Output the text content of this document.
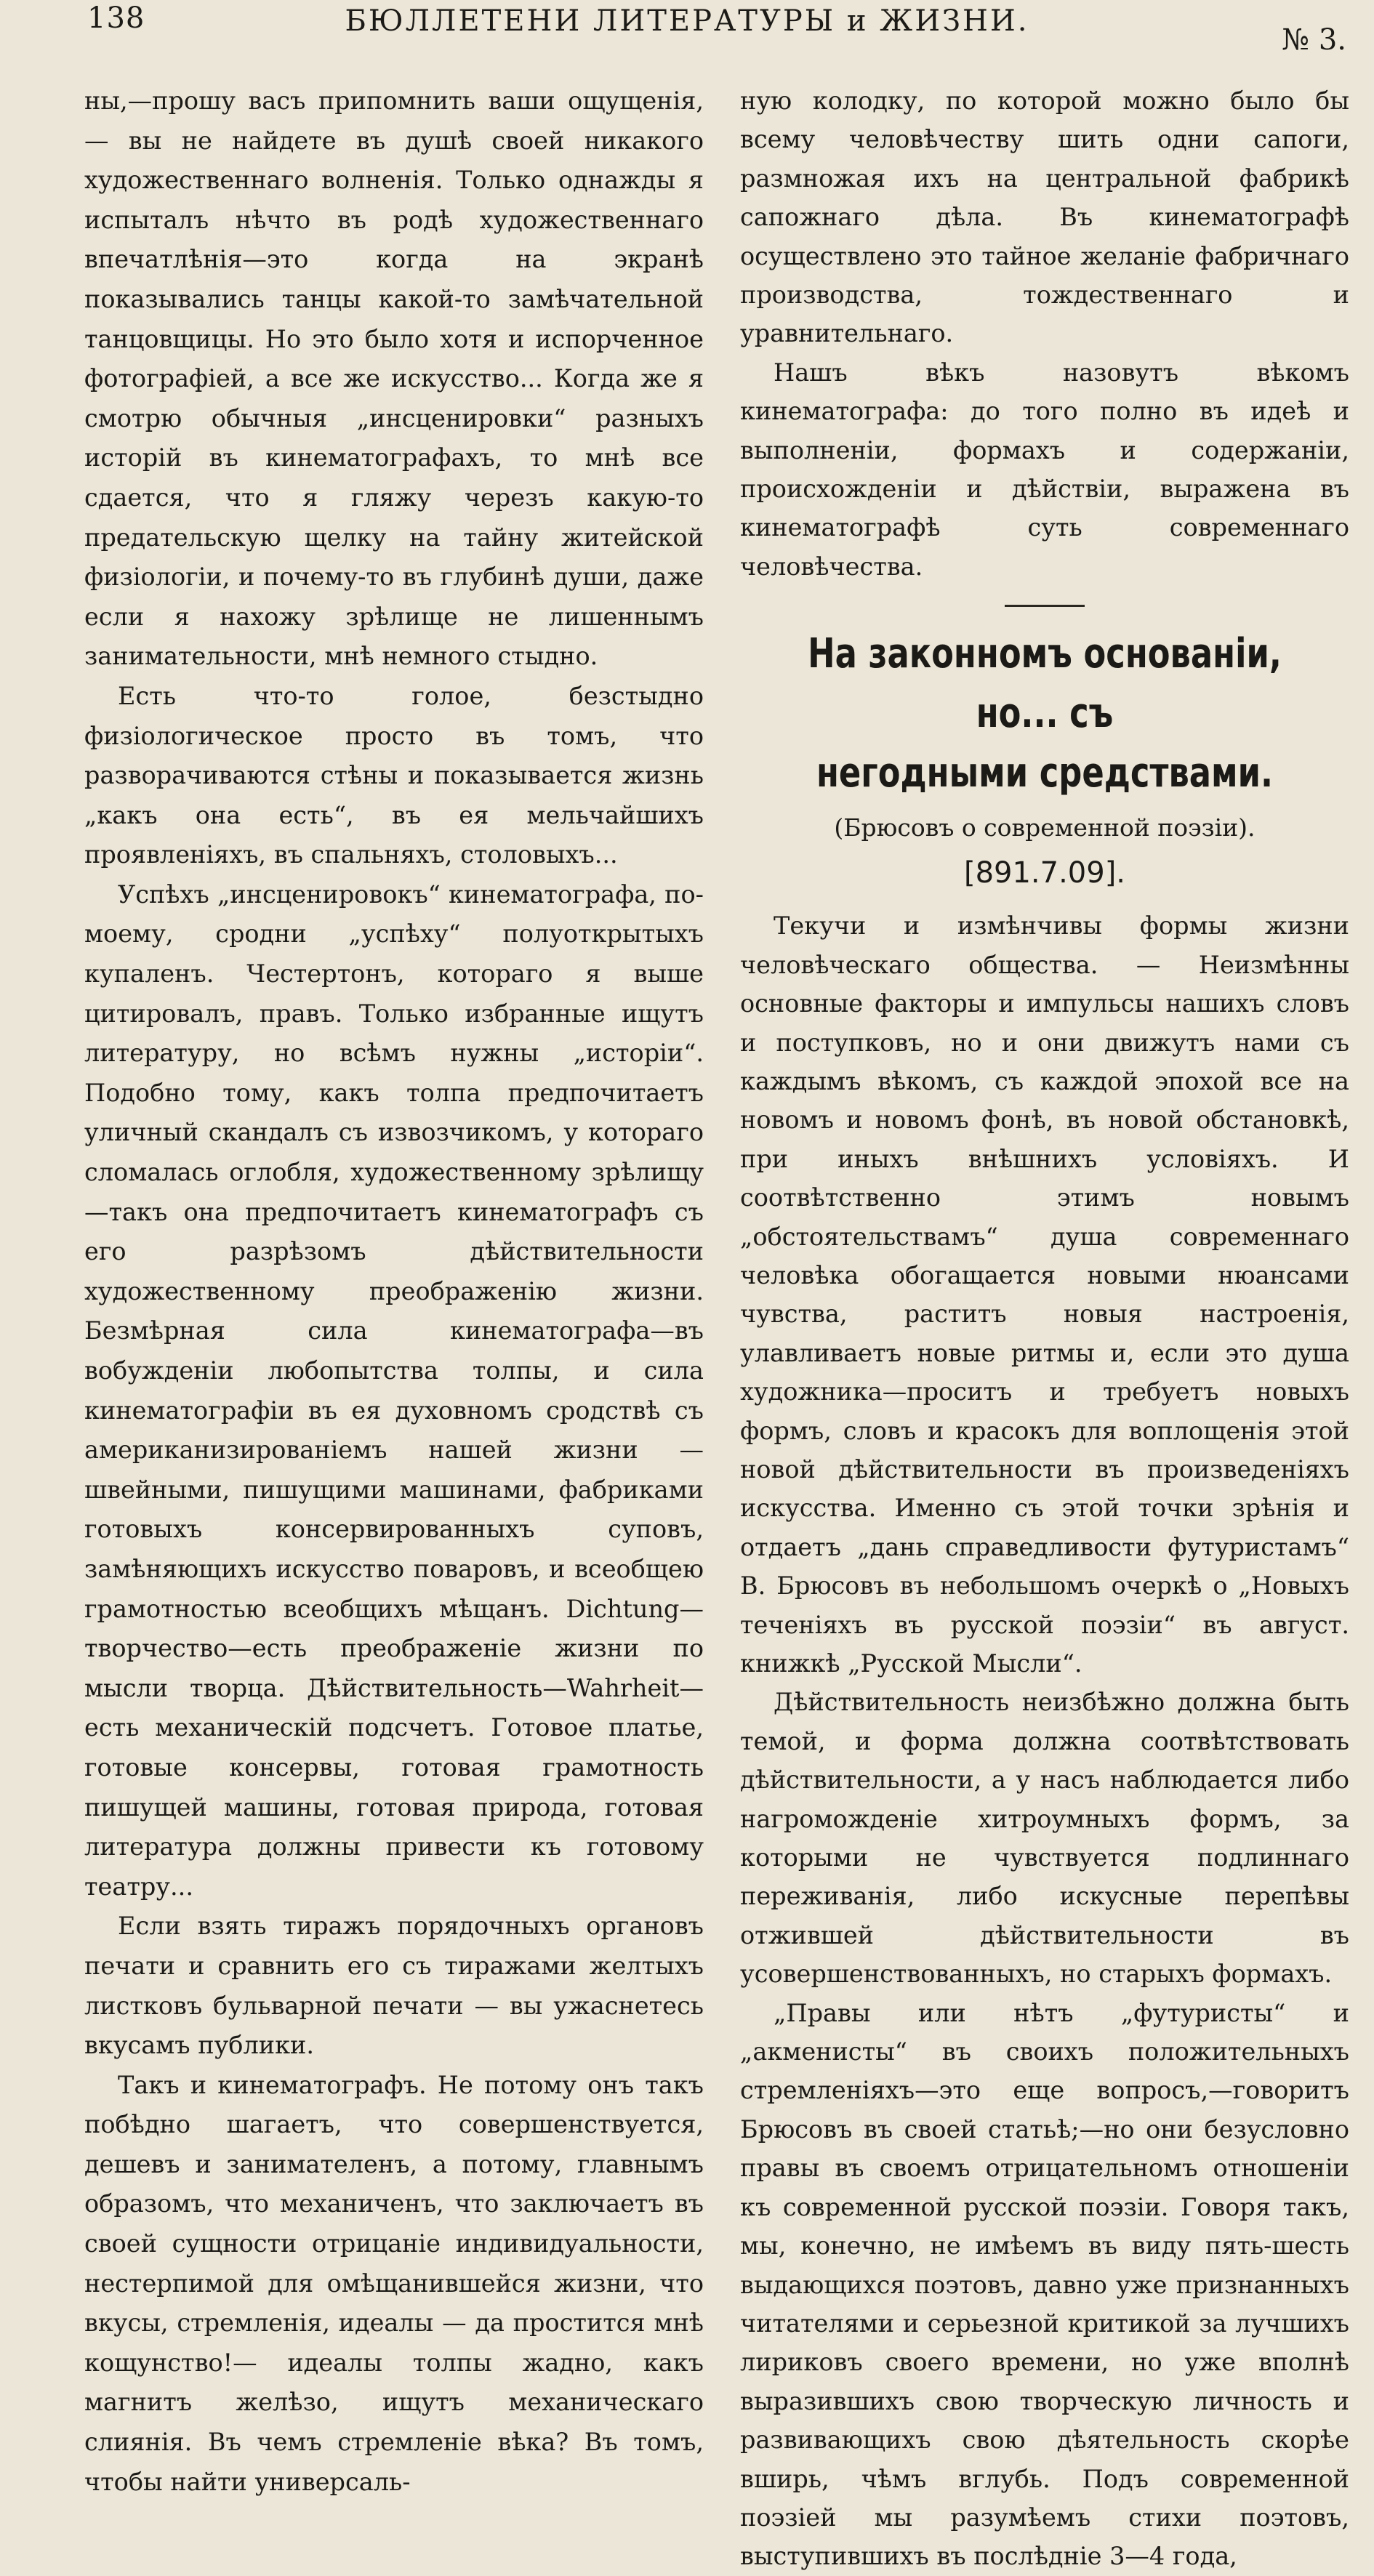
138	БЮЛЛЕТЕНИ ЛИТЕРАТУРЫ и ЖИЗНИ.
№ 3.

ны,—прошу васъ припомнить ваши ощущенія,— вы не найдете въ душѣ своей никакого художественнаго волненія. Только однажды я испыталъ нѣчто въ родѣ художественнаго впечатлѣнія—это когда на экранѣ показывались танцы какой-то замѣчательной танцовщицы. Но это было хотя и испорченное фотографіей, а все же искусство... Когда же я смотрю обычныя „инсценировки“ разныхъ исторій въ кинематографахъ, то мнѣ все сдается, что я гляжу черезъ какую-то предательскую щелку на тайну житейской физіологіи, и почему-то въ глубинѣ души, даже если я нахожу зрѣлище не лишеннымъ занимательности, мнѣ немного стыдно.

Есть что-то голое, безстыдно физіологическое просто въ томъ, что разворачиваются стѣны и показывается жизнь „какъ она есть“, въ ея мельчайшихъ проявленіяхъ, въ спальняхъ, столовыхъ...

Успѣхъ „инсценировокъ“ кинематографа, по-моему, сродни „успѣху“ полуоткрытыхъ купаленъ. Честертонъ, котораго я выше цитировалъ, правъ. Только избранные ищутъ литературу, но всѣмъ нужны „исторіи“. Подобно тому, какъ толпа предпочитаетъ уличный скандалъ съ извозчикомъ, у котораго сломалась оглобля, художественному зрѣлищу—такъ она предпочитаетъ кинематографъ съ его разрѣзомъ дѣйствительности художественному преображенію жизни. Безмѣрная сила кинематографа—въ вобужденіи любопытства толпы, и сила кинематографіи въ ея духовномъ сродствѣ съ американизированіемъ нашей жизни — швейными, пишущими машинами, фабриками готовыхъ консервированныхъ суповъ, замѣняющихъ искусство поваровъ, и всеобщею грамотностью всеобщихъ мѣщанъ. Dichtung—творчество—есть преображеніе жизни по мысли творца. Дѣйствительность—Wahrheit—есть механическій подсчетъ. Готовое платье, готовые консервы, готовая грамотность пишущей машины, готовая природа, готовая литература должны привести къ готовому театру...

Если взять тиражъ порядочныхъ органовъ печати и сравнить его съ тиражами желтыхъ листковъ бульварной печати — вы ужаснетесь вкусамъ публики.

Такъ и кинематографъ. Не потому онъ такъ побѣдно шагаетъ, что совершенствуется, дешевъ и занимателенъ, а потому, главнымъ образомъ, что механиченъ, что заключаетъ въ своей сущности отрицаніе индивидуальности, нестерпимой для омѣщанившейся жизни, что вкусы, стремленія, идеалы — да простится мнѣ кощунство!— идеалы толпы жадно, какъ магнитъ желѣзо, ищутъ механическаго слиянія. Въ чемъ стремленіе вѣка? Въ томъ, чтобы найти универсаль-

ную колодку, по которой можно было бы всему человѣчеству шить одни сапоги, размножая ихъ на центральной фабрикѣ сапожнаго дѣла. Въ кинематографѣ осуществлено это тайное желаніе фабричнаго производства, тождественнаго и уравнительнаго.

Нашъ вѣкъ назовутъ вѣкомъ кинематографа: до того полно въ идеѣ и выполненіи, формахъ и содержаніи, происхожденіи и дѣйствіи, выражена въ кинематографѣ суть современнаго человѣчества.

На законномъ основаніи, но... съ
негодными средствами.
(Брюсовъ о современной поэзіи).
[891.7.09].

Текучи и измѣнчивы формы жизни человѣческаго общества. — Неизмѣнны основные факторы и импульсы нашихъ словъ и поступковъ, но и они движутъ нами съ каждымъ вѣкомъ, съ каждой эпохой все на новомъ и новомъ фонѣ, въ новой обстановкѣ, при иныхъ внѣшнихъ условіяхъ. И соотвѣтственно этимъ новымъ „обстоятельствамъ“ душа современнаго человѣка обогащается новыми нюансами чувства, раститъ новыя настроенія, улавливаетъ новые ритмы и, если это душа художника—проситъ и требуетъ новыхъ формъ, словъ и красокъ для воплощенія этой новой дѣйствительности въ произведеніяхъ искусства. Именно съ этой точки зрѣнія и отдаетъ „дань справедливости футуристамъ“ В. Брюсовъ въ небольшомъ очеркѣ о „Новыхъ теченіяхъ въ русской поэзіи“ въ август. книжкѣ „Русской Мысли“.

Дѣйствительность неизбѣжно должна быть темой, и форма должна соотвѣтствовать дѣйствительности, а у насъ наблюдается либо нагроможденіе хитроумныхъ формъ, за которыми не чувствуется подлиннаго переживанія, либо искусные перепѣвы отжившей дѣйствительности въ усовершенствованныхъ, но старыхъ формахъ.

„Правы или нѣтъ „футуристы“ и „акменисты“ въ своихъ положительныхъ стремленіяхъ—это еще вопросъ,—говоритъ Брюсовъ въ своей статьѣ;—но они безусловно правы въ своемъ отрицательномъ отношеніи къ современной русской поэзіи. Говоря такъ, мы, конечно, не имѣемъ въ виду пять-шесть выдающихся поэтовъ, давно уже признанныхъ читателями и серьезной критикой за лучшихъ лириковъ своего времени, но уже вполнѣ выразившихъ свою творческую личность и развивающихъ свою дѣятельность скорѣе вширь, чѣмъ вглубь. Подъ современной поэзіей мы разумѣемъ стихи поэтовъ, выступившихъ въ послѣдніе 3—4 года,
